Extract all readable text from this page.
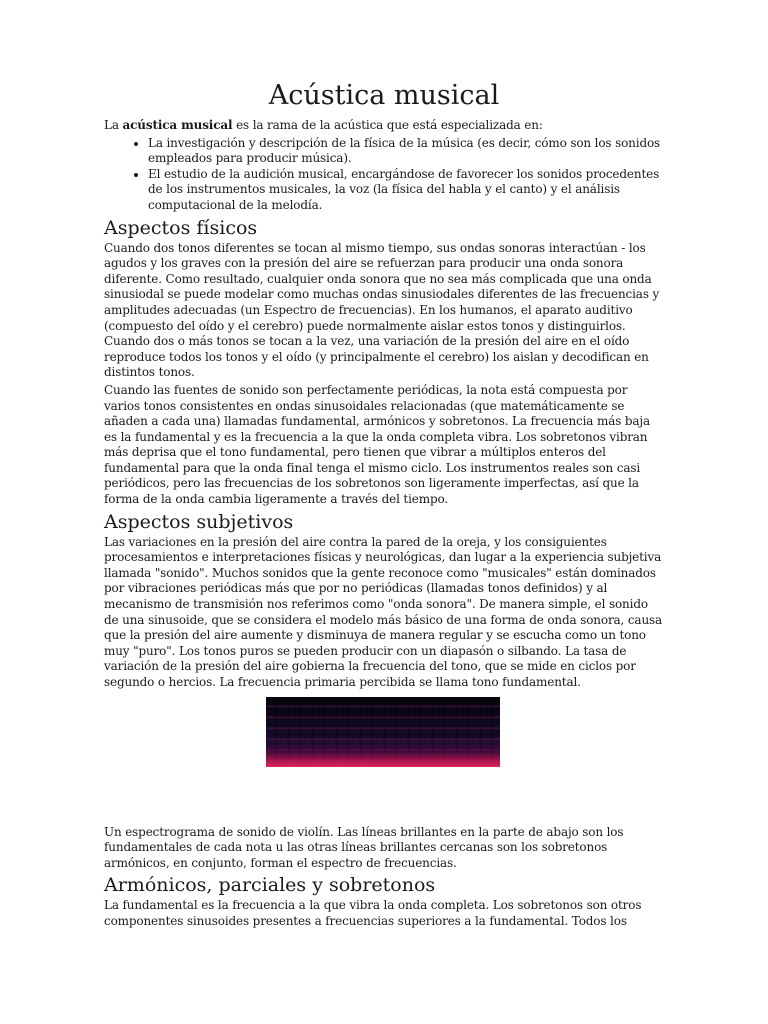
Acústica musical

La acústica musical es la rama de la acústica que está especializada en:

• La investigación y descripción de la física de la música (es decir, cómo son los sonidos empleados para producir música).
• El estudio de la audición musical, encargándose de favorecer los sonidos procedentes de los instrumentos musicales, la voz (la física del habla y el canto) y el análisis computacional de la melodía.
Aspectos físicos

Cuando dos tonos diferentes se tocan al mismo tiempo, sus ondas sonoras interactúan - los agudos y los graves con la presión del aire se refuerzan para producir una onda sonora diferente. Como resultado, cualquier onda sonora que no sea más complicada que una onda sinusiodal se puede modelar como muchas ondas sinusiodales diferentes de las frecuencias y amplitudes adecuadas (un Espectro de frecuencias). En los humanos, el aparato auditivo (compuesto del oído y el cerebro) puede normalmente aislar estos tonos y distinguirlos. Cuando dos o más tonos se tocan a la vez, una variación de la presión del aire en el oído reproduce todos los tonos y el oído (y principalmente el cerebro) los aislan y decodifican en distintos tonos.

Cuando las fuentes de sonido son perfectamente periódicas, la nota está compuesta por varios tonos consistentes en ondas sinusoidales relacionadas (que matemáticamente se añaden a cada una) llamadas fundamental, armónicos y sobretonos. La frecuencia más baja es la fundamental y es la frecuencia a la que la onda completa vibra. Los sobretonos vibran más deprisa que el tono fundamental, pero tienen que vibrar a múltiplos enteros del fundamental para que la onda final tenga el mismo ciclo. Los instrumentos reales son casi periódicos, pero las frecuencias de los sobretonos son ligeramente imperfectas, así que la forma de la onda cambia ligeramente a través del tiempo.

Aspectos subjetivos

Las variaciones en la presión del aire contra la pared de la oreja, y los consiguientes procesamientos e interpretaciones físicas y neurológicas, dan lugar a la experiencia subjetiva llamada "sonido". Muchos sonidos que la gente reconoce como "musicales" están dominados por vibraciones periódicas más que por no periódicas (llamadas tonos definidos) y al mecanismo de transmisión nos referimos como "onda sonora". De manera simple, el sonido de una sinusoide, que se considera el modelo más básico de una forma de onda sonora, causa que la presión del aire aumente y disminuya de manera regular y se escucha como un tono muy "puro". Los tonos puros se pueden producir con un diapasón o silbando. La tasa de variación de la presión del aire gobierna la frecuencia del tono, que se mide en ciclos por segundo o hercios. La frecuencia primaria percibida se llama tono fundamental.

Un espectrograma de sonido de violín. Las líneas brillantes en la parte de abajo son los fundamentales de cada nota u las otras líneas brillantes cercanas son los sobretonos armónicos, en conjunto, forman el espectro de frecuencias.

Armónicos, parciales y sobretonos

La fundamental es la frecuencia a la que vibra la onda completa. Los sobretonos son otros componentes sinusoides presentes a frecuencias superiores a la fundamental. Todos los
